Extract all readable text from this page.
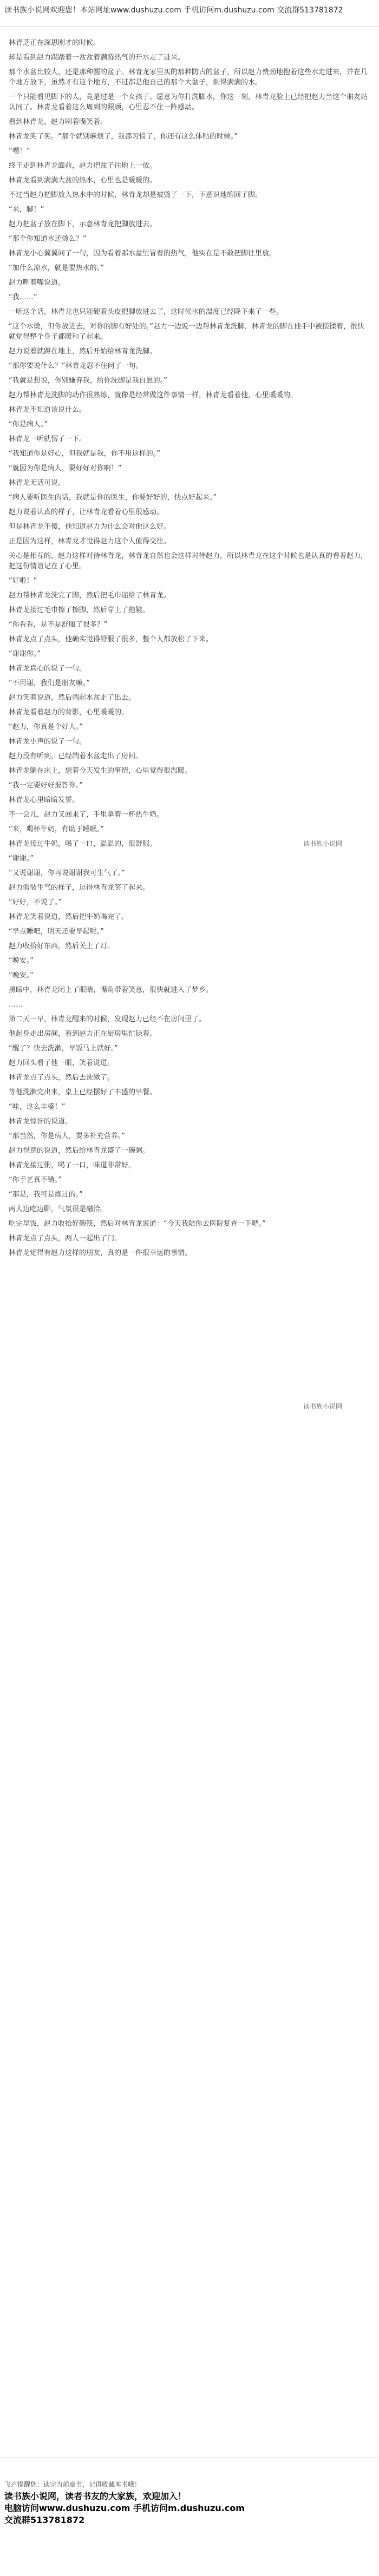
读书族小说网欢迎您！本站网址www.dushuzu.com 手机访问m.dushuzu.com 交流群513781872
林青芝正在深思刚才的时候。
却是看到赵力踢踏着一盆盆着满腾热气的开水走了进来。
那个水盆比较大，还是那种圆的盆子。林青龙家里买的那种防古的盆子，所以赵力费劲地抱着这些水走进来，并在几个地方放下，虽然才有这个地方，不过都是他自己的那个大盆子，倒得满满的水。
一个只能看见脚下的人，竟是过是一个女孩子。愿意为你打洗脚水，你这一刻，林青龙脸上已经把赵力当这个朋友站认同了。林青龙看着这么周到的照顾，心里忍不住一阵感动。
看到林青龙，赵力咧着嘴笑着。
林青龙笑了笑。“那个就别麻烦了，我都习惯了，你还有这么体贴的时候。”
“嘿！”
终于走到林青龙面前，赵力把盆子往地上一放。
林青龙看到满满大盆的热水，心里也是暖暖的。
不过当赵力把脚放入热水中的时候，林青龙却是被烫了一下，下意识地缩回了脚。
“来，脚！”
赵力把盆子放在脚下，示意林青龙把脚放进去。
“那个你知道水还烫么？”
林青龙小心翼翼问了一句，因为看着那水盆里冒着的热气，他实在是不敢把脚往里放。
“加什么凉水，就是要热水的。”
赵力咧着嘴说道。
“我……”
一听这个话，林青龙也只能硬着头皮把脚放进去了，这时候水的温度已经降下来了一些。
“这个水烫，但你放进去，对你的脚有好处的。”赵力一边说一边帮林青龙洗脚，林青龙的脚在他手中被搓揉着，很快就觉得整个身子都暖和了起来。
赵力说着就蹲在地上，然后开始给林青龙洗脚。
“那你要说什么？”林青龙忍不住问了一句。
“我就是想说，你别嫌弃我，给你洗脚是我自愿的。”
赵力帮林青龙洗脚的动作很熟练，就像是经常做这件事情一样，林青龙看着他，心里暖暖的。
林青龙不知道该说什么。
“你是病人。”
林青龙一听就愣了一下。
“我知道你是好心，但我就是我，你不用这样的。”
“就因为你是病人，要好好对你啊！”
林青龙无话可说。
“病人要听医生的话，我就是你的医生，你要好好的，快点好起来。”
赵力说着认真的样子，让林青龙看着心里很感动。
但是林青龙不傻，他知道赵力为什么会对他这么好。
正是因为这样，林青龙才觉得赵力这个人值得交往。
关心是相互的，赵力这样对待林青龙，林青龙自然也会这样对待赵力，所以林青龙在这个时候也是认真的看着赵力，把这份情谊记在了心里。
“好啦！”
赵力帮林青龙洗完了脚，然后把毛巾递给了林青龙。
林青龙接过毛巾擦了擦脚，然后穿上了拖鞋。
“你看看，是不是舒服了很多？”
林青龙点了点头，他确实觉得舒服了很多，整个人都放松了下来。
“谢谢你。”
林青龙真心的说了一句。
“不用谢，我们是朋友嘛。”
赵力笑着说道，然后端起水盆走了出去。
林青龙看着赵力的背影，心里暖暖的。
“赵力，你真是个好人。”
林青龙小声的说了一句。
赵力没有听到，已经端着水盆走出了房间。
林青龙躺在床上，想着今天发生的事情，心里觉得很温暖。
“我一定要好好报答你。”
林青龙心里暗暗发誓。
不一会儿，赵力又回来了，手里拿着一杯热牛奶。
“来，喝杯牛奶，有助于睡眠。”
林青龙接过牛奶，喝了一口，温温的，很舒服。
“谢谢。”
“又说谢谢，你再说谢谢我可生气了。”
赵力假装生气的样子，逗得林青龙笑了起来。
“好好，不说了。”
林青龙笑着说道，然后把牛奶喝完了。
“早点睡吧，明天还要早起呢。”
赵力收拾好东西，然后关上了灯。
“晚安。”
“晚安。”
黑暗中，林青龙闭上了眼睛，嘴角带着笑意，很快就进入了梦乡。
……
第二天一早，林青龙醒来的时候，发现赵力已经不在房间里了。
他起身走出房间，看到赵力正在厨房里忙碌着。
“醒了？快去洗漱，早饭马上就好。”
赵力回头看了他一眼，笑着说道。
林青龙点了点头，然后去洗漱了。
等他洗漱完出来，桌上已经摆好了丰盛的早餐。
“哇，这么丰盛！”
林青龙惊讶的说道。
“那当然，你是病人，要多补充营养。”
赵力得意的说道，然后给林青龙盛了一碗粥。
林青龙接过粥，喝了一口，味道非常好。
“你手艺真不错。”
“那是，我可是练过的。”
两人边吃边聊，气氛很是融洽。
吃完早饭，赵力收拾好碗筷，然后对林青龙说道：“今天我陪你去医院复查一下吧。”
林青龙点了点头，两人一起出了门。
林青龙觉得有赵力这样的朋友，真的是一件很幸运的事情。
读书族小说网
读书族小说网
飞卢提醒您：读完当前章节，记得收藏本书哦！
读书族小说网，读者书友的大家族，欢迎加入！
电脑访问www.dushuzu.com 手机访问m.dushuzu.com
交流群513781872
